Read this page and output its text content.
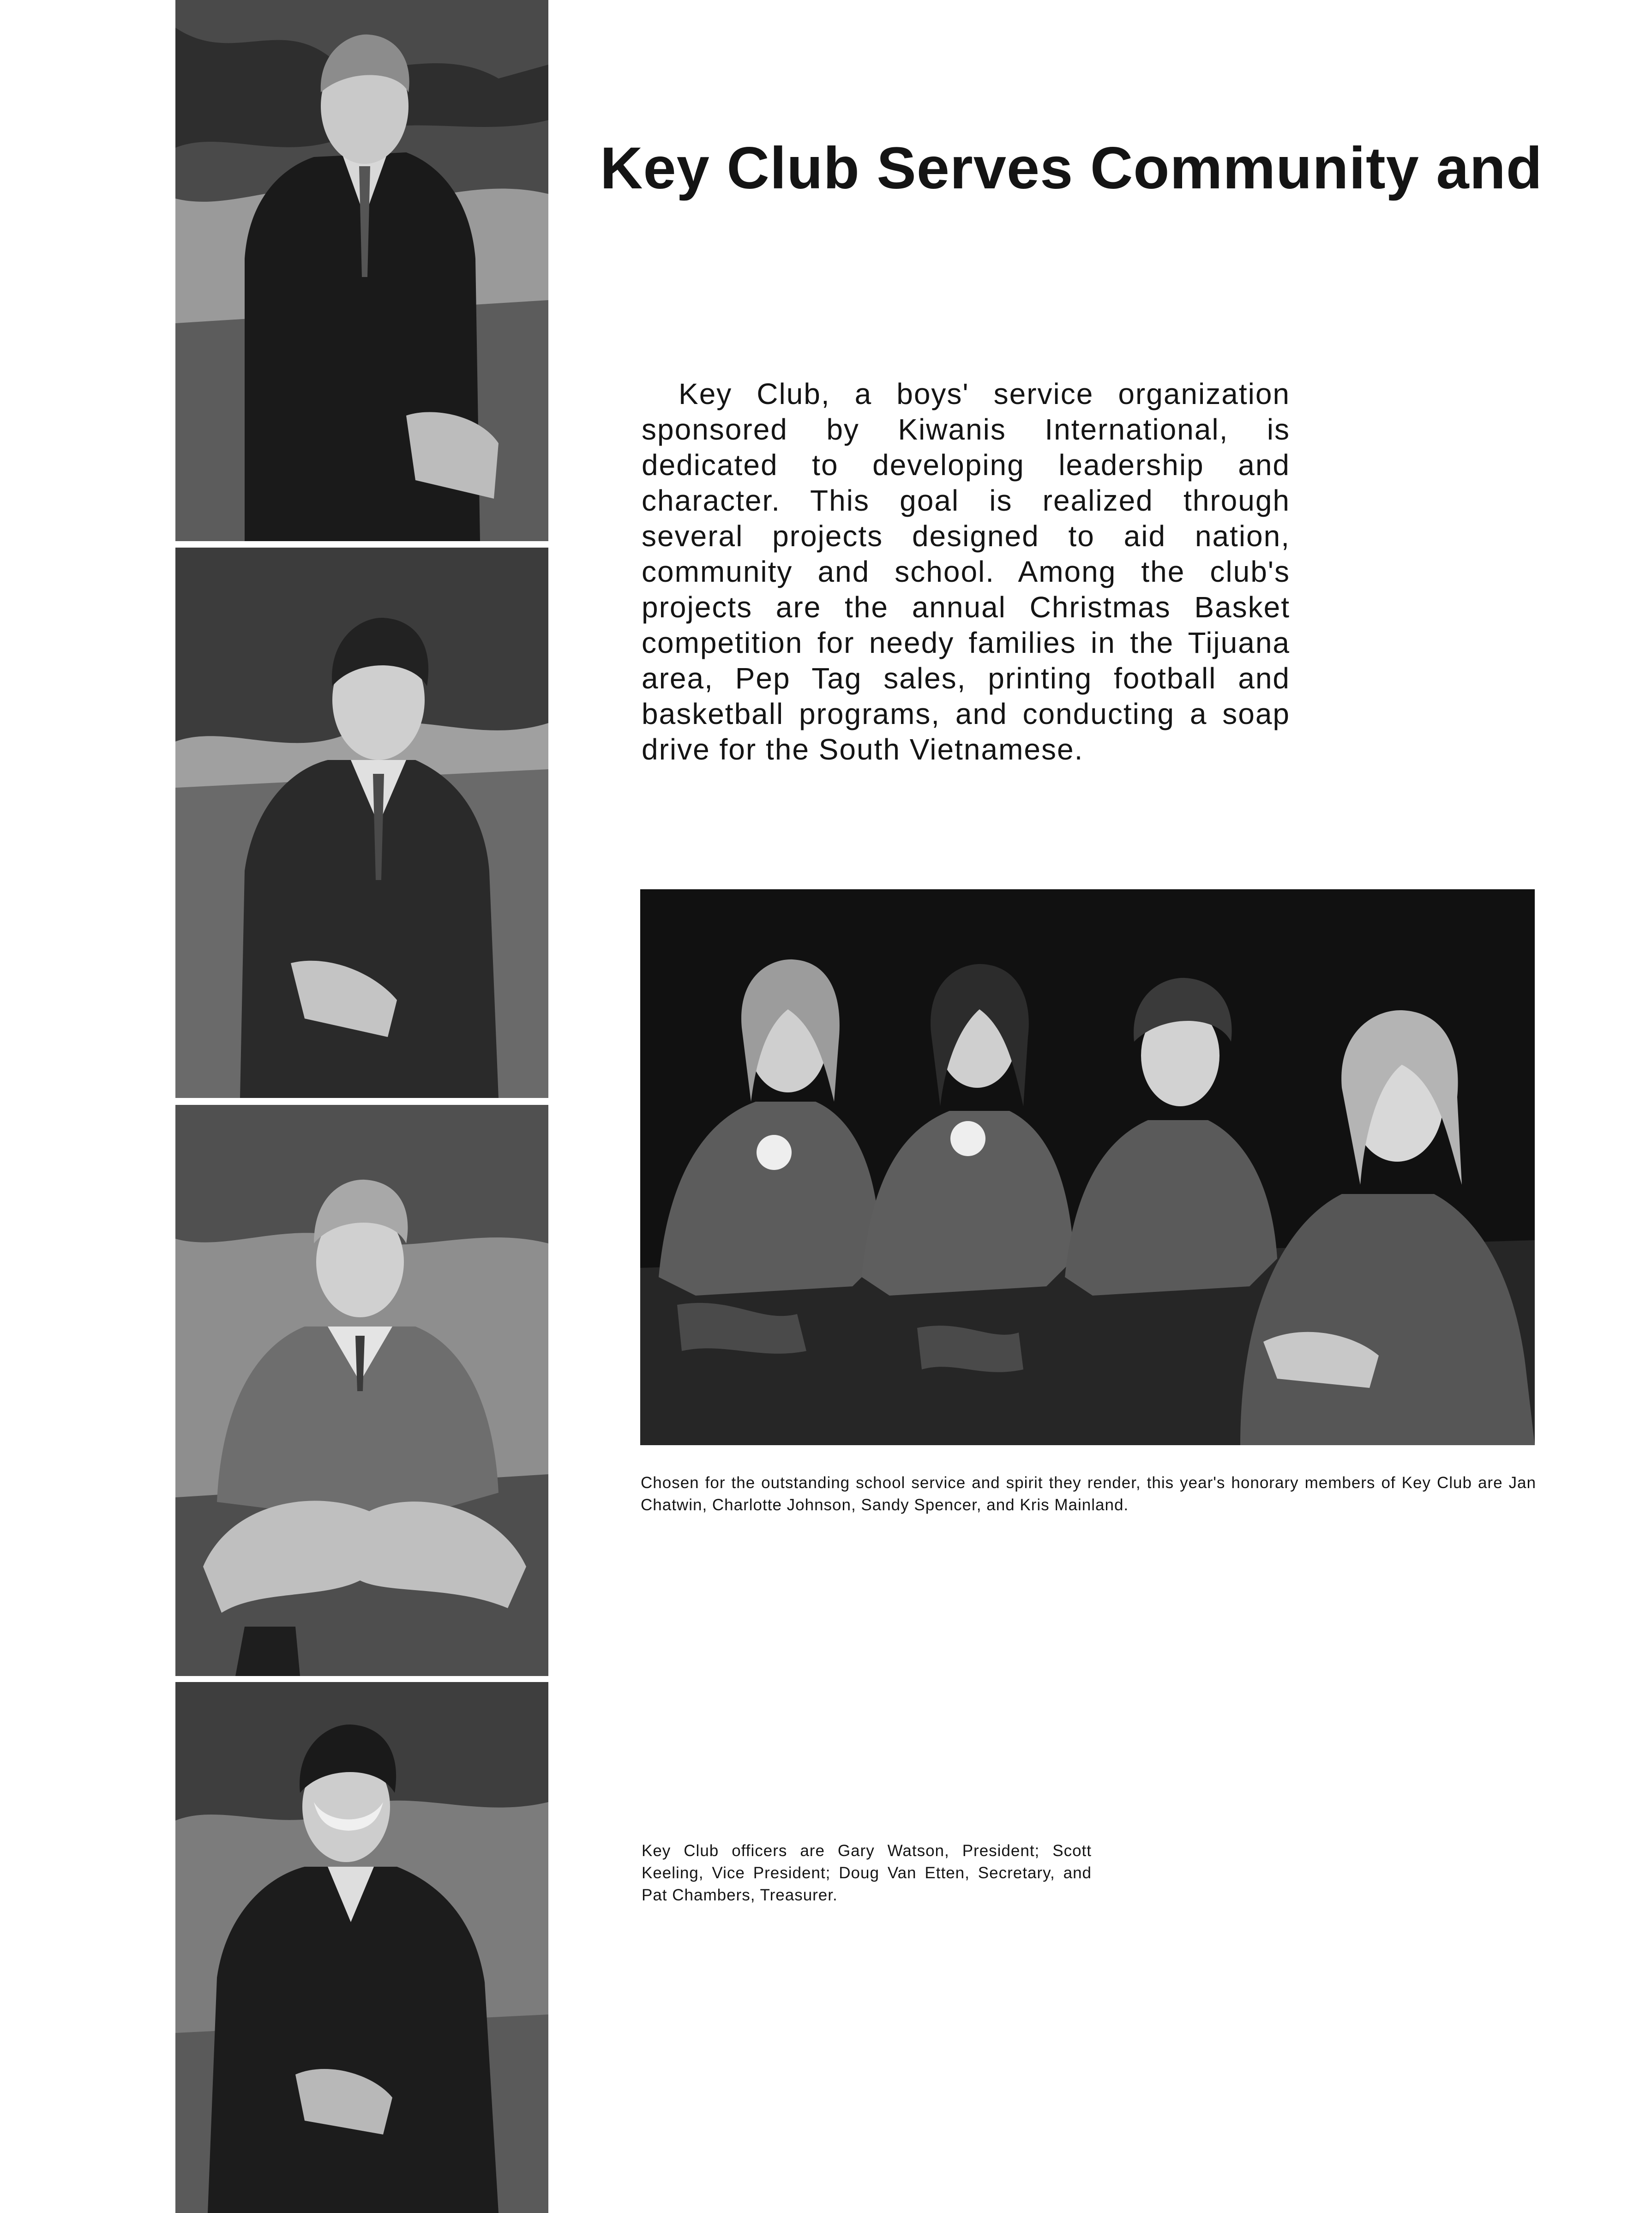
Key Club Serves Community and

Key Club, a boys' service organization sponsored by Kiwanis International, is dedicated to developing leadership and character. This goal is realized through several projects designed to aid nation, community and school. Among the club's projects are the annual Christmas Basket competition for needy families in the Tijuana area, Pep Tag sales, printing football and basketball programs, and conducting a soap drive for the South Vietnamese.

Chosen for the outstanding school service and spirit they render, this year's honorary members of Key Club are Jan Chatwin, Charlotte Johnson, Sandy Spencer, and Kris Mainland.

Key Club officers are Gary Watson, President; Scott Keeling, Vice President; Doug Van Etten, Secretary, and Pat Chambers, Treasurer.
